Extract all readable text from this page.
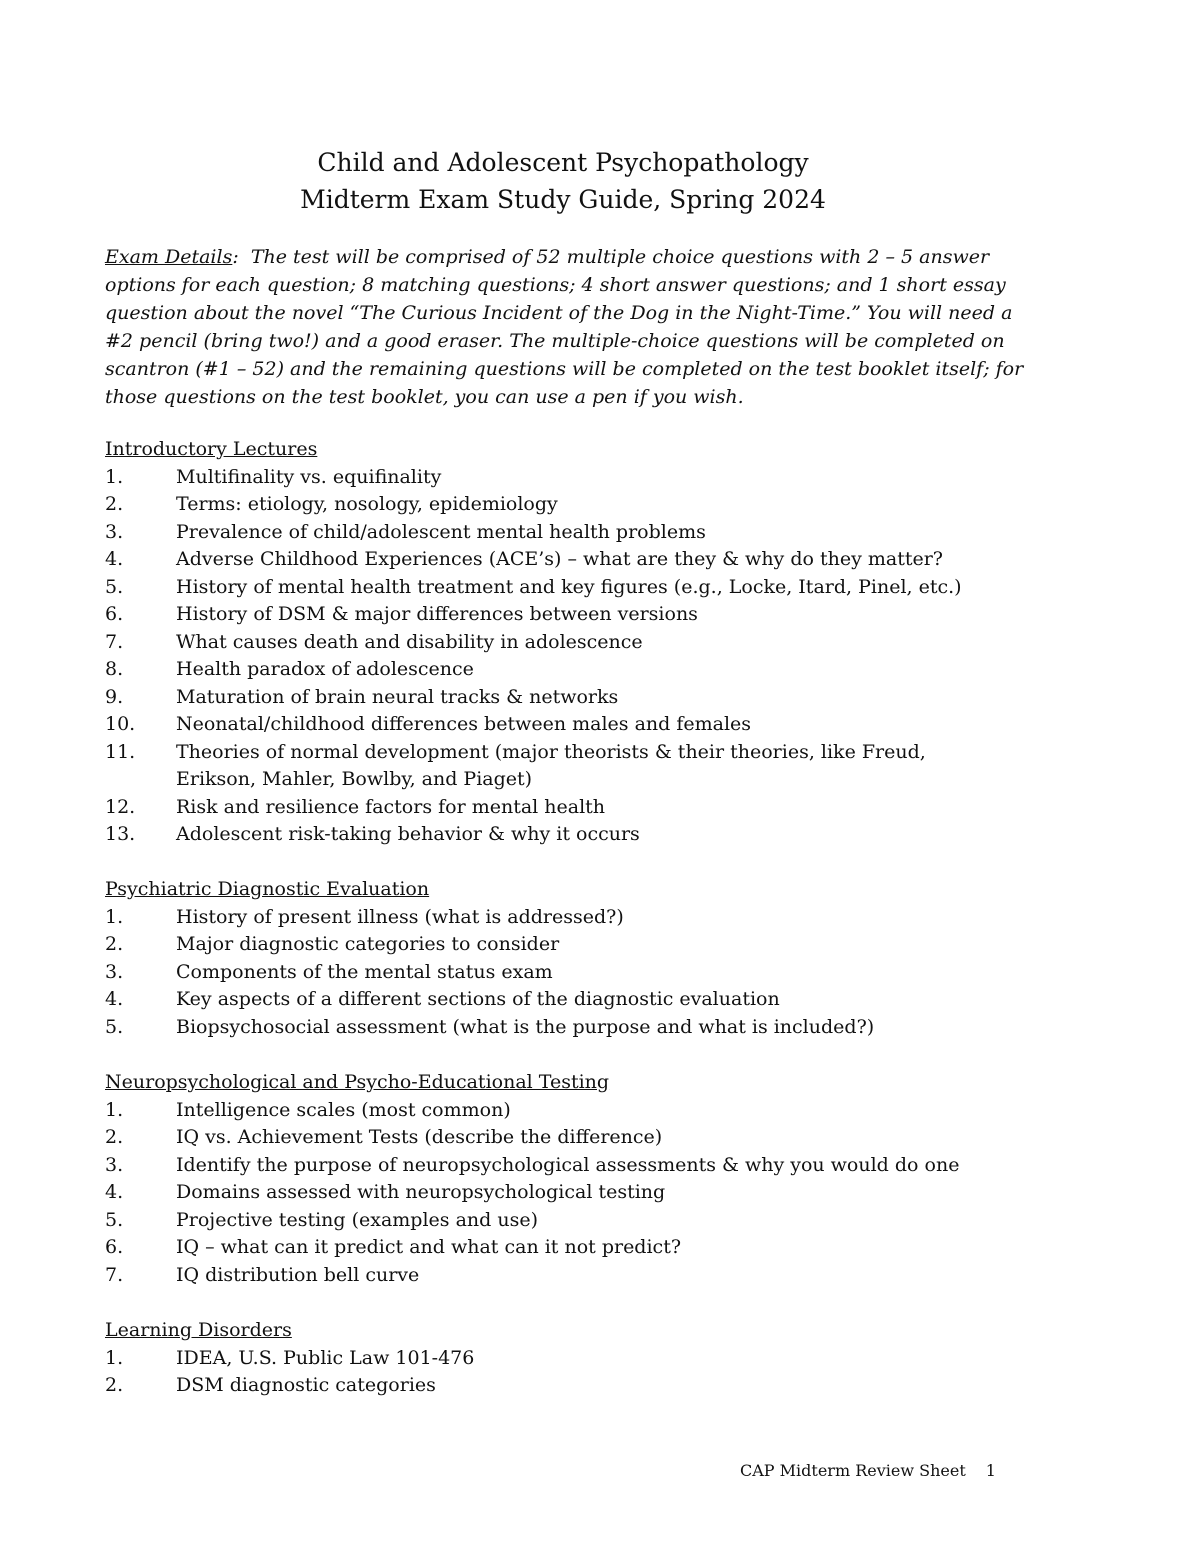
Child and Adolescent Psychopathology
Midterm Exam Study Guide, Spring 2024
Exam Details:  The test will be comprised of 52 multiple choice questions with 2 – 5 answer options for each question; 8 matching questions; 4 short answer questions; and 1 short essay question about the novel “The Curious Incident of the Dog in the Night-Time.” You will need a #2 pencil (bring two!) and a good eraser. The multiple-choice questions will be completed on scantron (#1 – 52) and the remaining questions will be completed on the test booklet itself; for those questions on the test booklet, you can use a pen if you wish.
Introductory Lectures
1.	Multifinality vs. equifinality
2.	Terms: etiology, nosology, epidemiology
3.	Prevalence of child/adolescent mental health problems
4.	Adverse Childhood Experiences (ACE’s) – what are they & why do they matter?
5.	History of mental health treatment and key figures (e.g., Locke, Itard, Pinel, etc.)
6.	History of DSM & major differences between versions
7.	What causes death and disability in adolescence
8.	Health paradox of adolescence
9.	Maturation of brain neural tracks & networks
10.	Neonatal/childhood differences between males and females
11.	Theories of normal development (major theorists & their theories, like Freud, Erikson, Mahler, Bowlby, and Piaget)
12.	Risk and resilience factors for mental health
13.	Adolescent risk-taking behavior & why it occurs
Psychiatric Diagnostic Evaluation
1.	History of present illness (what is addressed?)
2.	Major diagnostic categories to consider
3.	Components of the mental status exam
4.	Key aspects of a different sections of the diagnostic evaluation
5.	Biopsychosocial assessment (what is the purpose and what is included?)
Neuropsychological and Psycho-Educational Testing
1.	Intelligence scales (most common)
2.	IQ vs. Achievement Tests (describe the difference)
3.	Identify the purpose of neuropsychological assessments & why you would do one
4.	Domains assessed with neuropsychological testing
5.	Projective testing (examples and use)
6.	IQ – what can it predict and what can it not predict?
7.	IQ distribution bell curve
Learning Disorders
1.	IDEA, U.S. Public Law 101-476
2.	DSM diagnostic categories
CAP Midterm Review Sheet 1
